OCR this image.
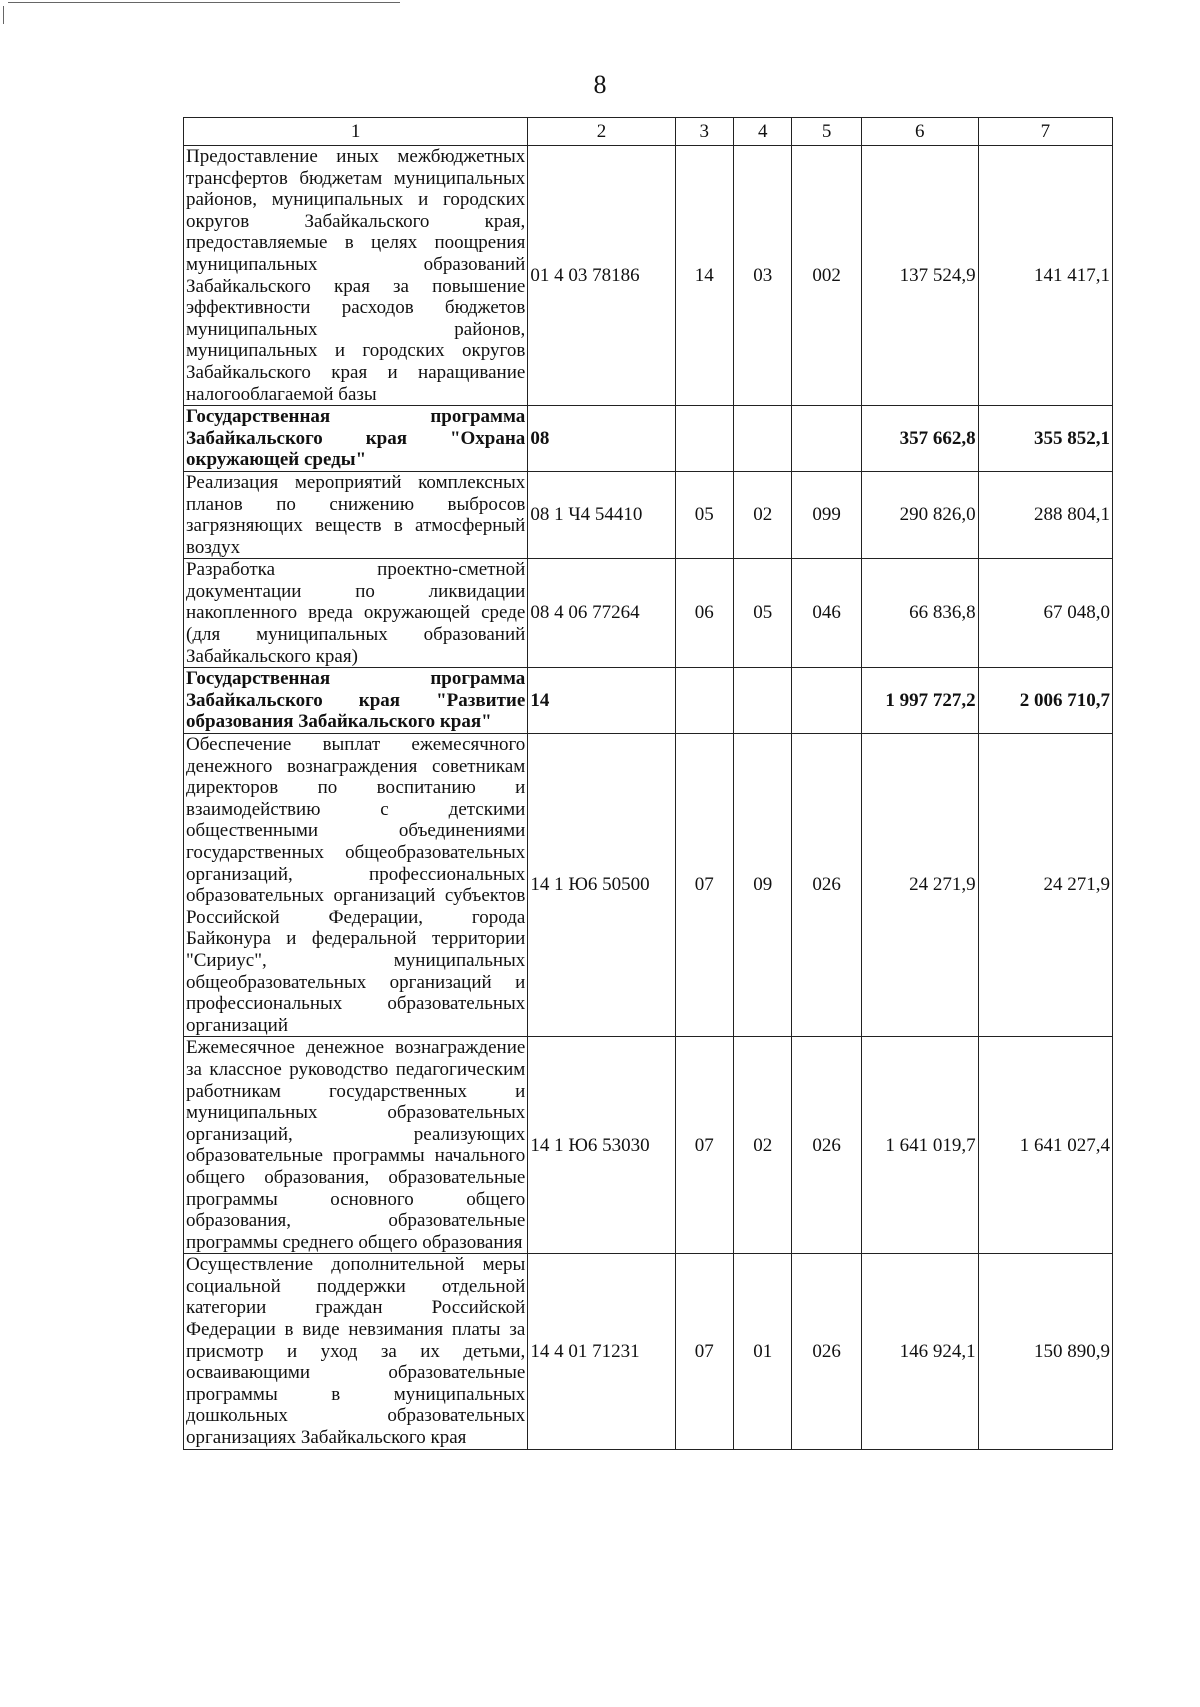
8
1	2	3	4	5	6	7
Предоставление иных межбюджетных трансфертов бюджетам муниципальных районов, муниципальных и городских округов Забайкальского края, предоставляемые в целях поощрения муниципальных образований Забайкальского края за повышение эффективности расходов бюджетов муниципальных районов, муниципальных и городских округов Забайкальского края и наращивание налогооблагаемой базы	01 4 03 78186	14	03	002	137 524,9	141 417,1
Государственная программа Забайкальского края "Охрана окружающей среды"	08				357 662,8	355 852,1
Реализация мероприятий комплексных планов по снижению выбросов загрязняющих веществ в атмосферный воздух	08 1 Ч4 54410	05	02	099	290 826,0	288 804,1
Разработка проектно-сметной документации по ликвидации накопленного вреда окружающей среде (для муниципальных образований Забайкальского края)	08 4 06 77264	06	05	046	66 836,8	67 048,0
Государственная программа Забайкальского края "Развитие образования Забайкальского края"	14				1 997 727,2	2 006 710,7
Обеспечение выплат ежемесячного денежного вознаграждения советникам директоров по воспитанию и взаимодействию с детскими общественными объединениями государственных общеобразовательных организаций, профессиональных образовательных организаций субъектов Российской Федерации, города Байконура и федеральной территории "Сириус", муниципальных общеобразовательных организаций и профессиональных образовательных организаций	14 1 Ю6 50500	07	09	026	24 271,9	24 271,9
Ежемесячное денежное вознаграждение за классное руководство педагогическим работникам государственных и муниципальных образовательных организаций, реализующих образовательные программы начального общего образования, образовательные программы основного общего образования, образовательные программы среднего общего образования	14 1 Ю6 53030	07	02	026	1 641 019,7	1 641 027,4
Осуществление дополнительной меры социальной поддержки отдельной категории граждан Российской Федерации в виде невзимания платы за присмотр и уход за их детьми, осваивающими образовательные программы в муниципальных дошкольных образовательных организациях Забайкальского края	14 4 01 71231	07	01	026	146 924,1	150 890,9
